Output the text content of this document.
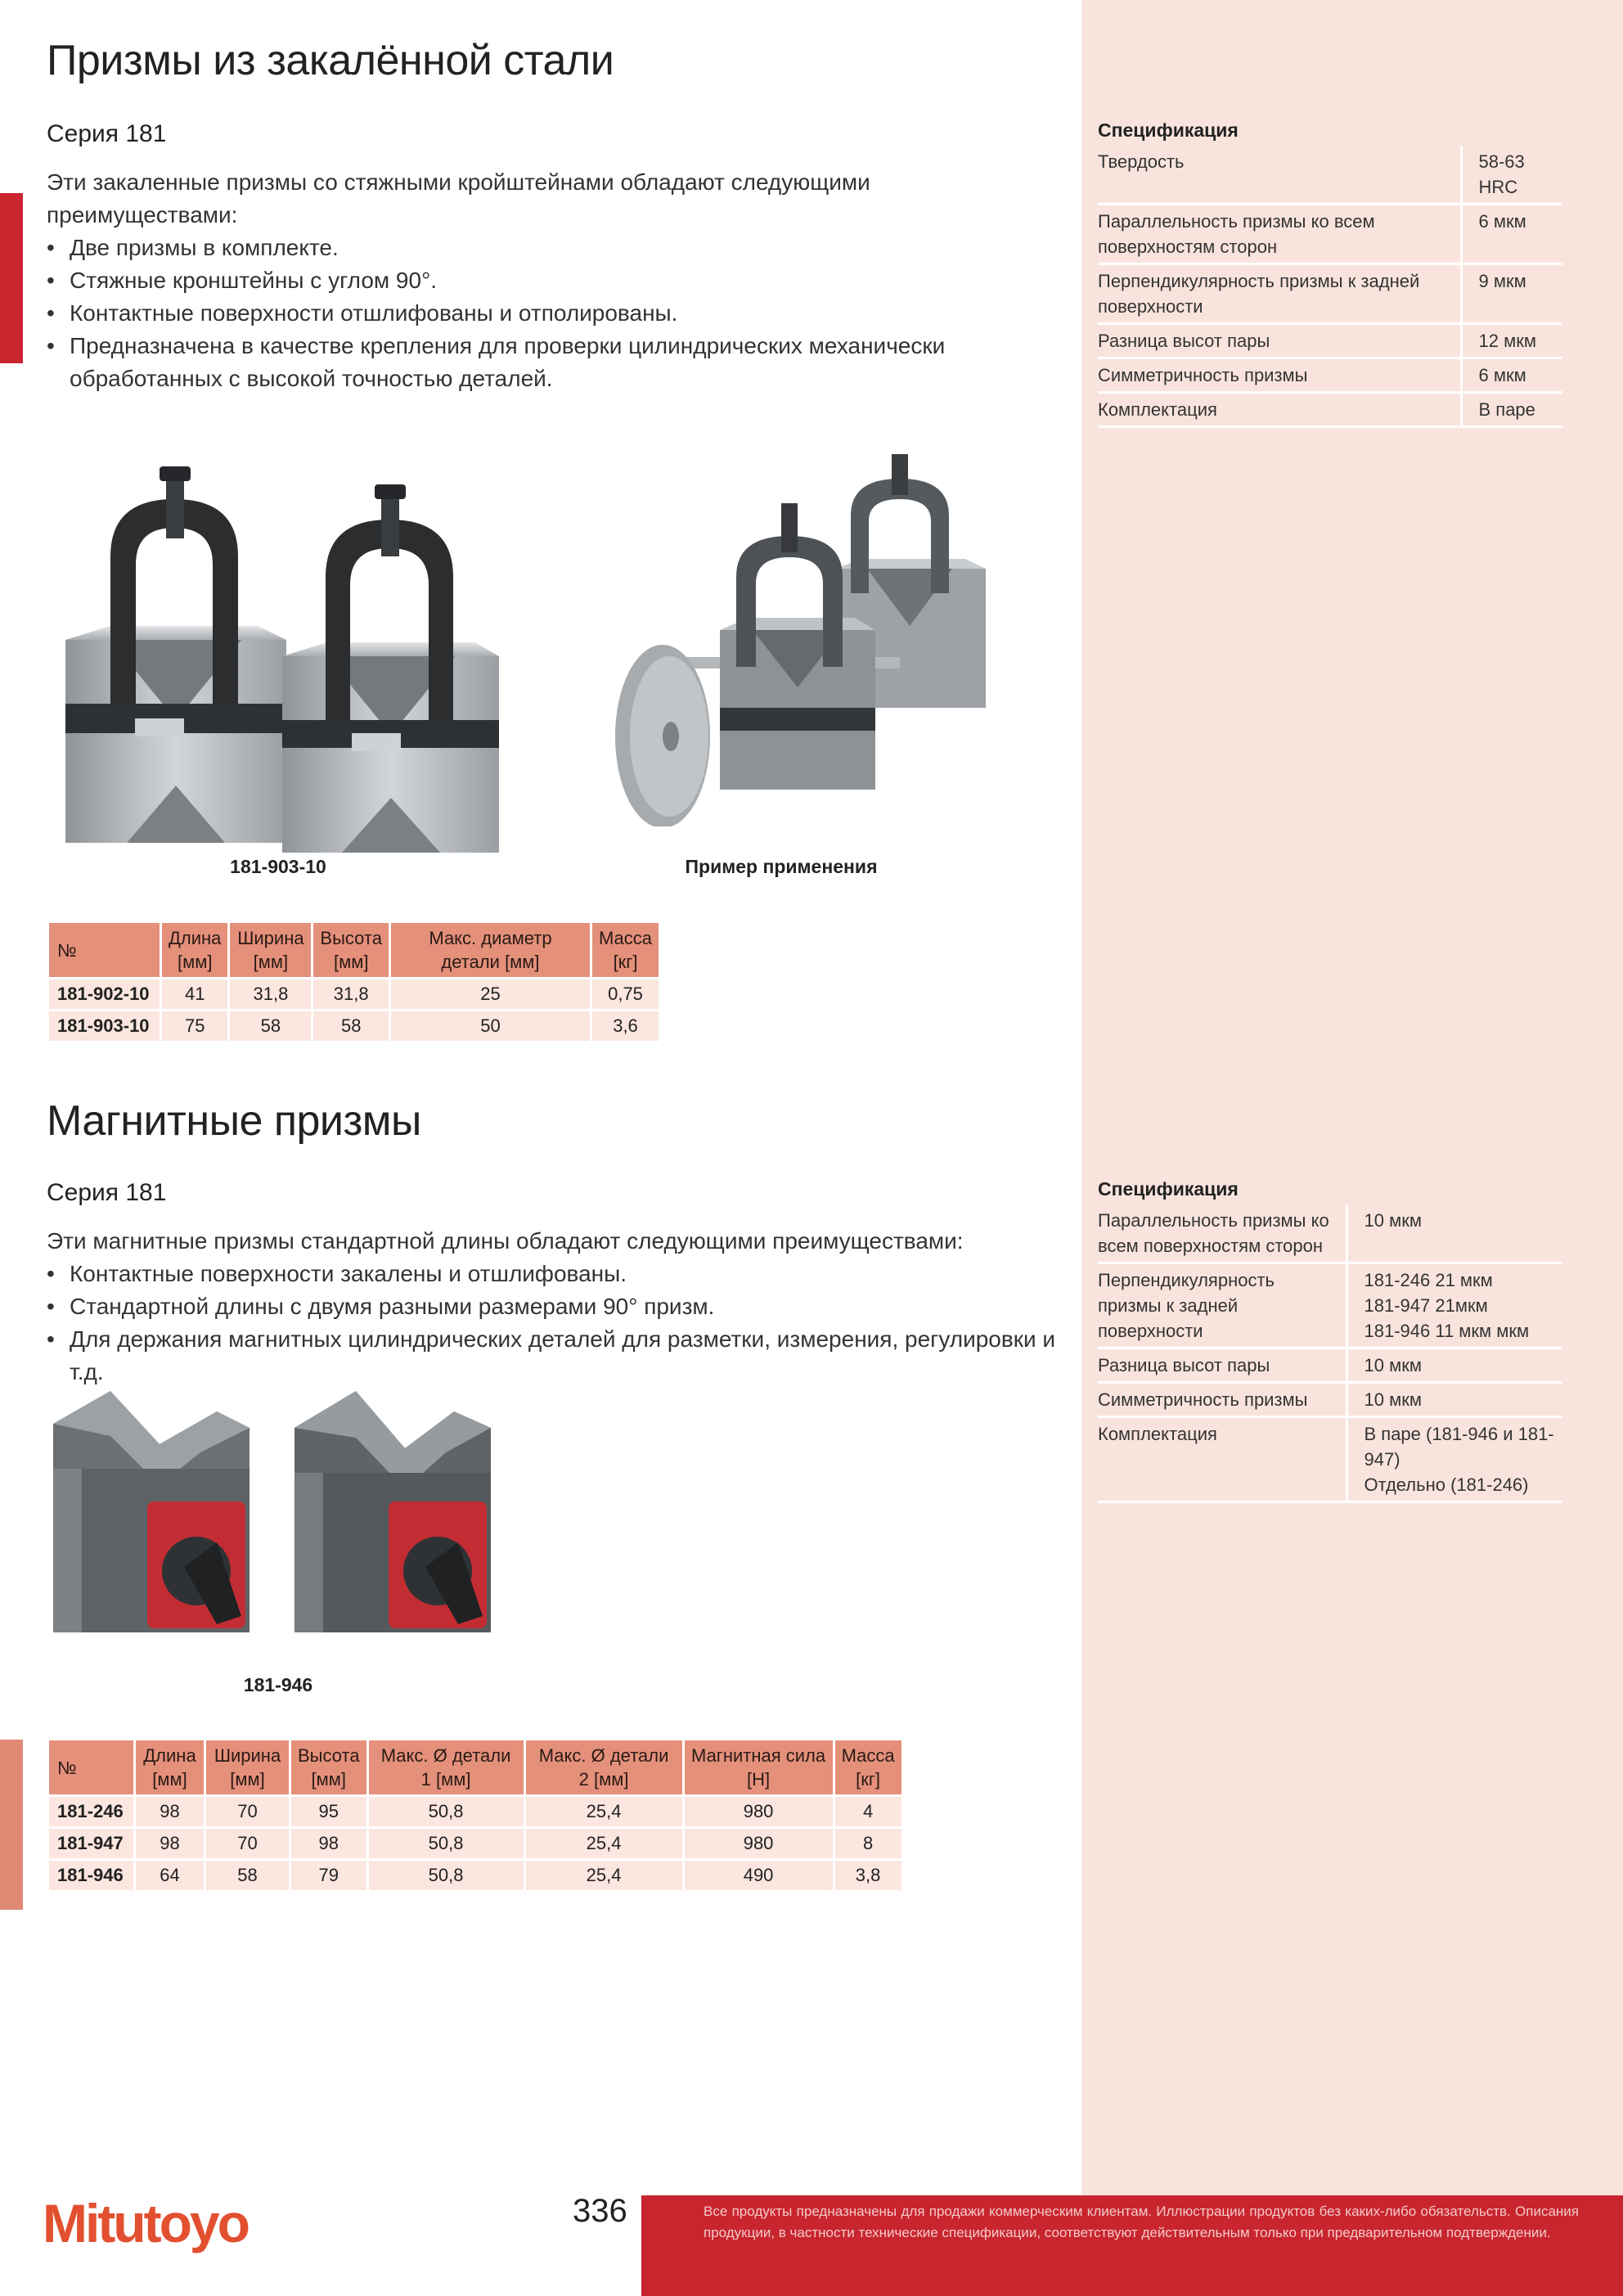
Призмы из закалённой стали
Серия 181

Эти закаленные призмы со стяжными кройштейнами обладают следующими преимуществами:

• Две призмы в комплекте.
• Стяжные кронштейны с углом 90°.
• Контактные поверхности отшлифованы и отполированы.
• Предназначена в качестве крепления для проверки цилиндрических механически обработанных с высокой точностью деталей.
Спецификация
Твердость	58-63 HRC
Параллельность призмы ко всем поверхностям сторон	6 мкм
Перпендикулярность призмы к задней поверхности	9 мкм
Разница высот пары	12 мкм
Симметричность призмы	6 мкм
Комплектация	В паре
181-903-10	Пример применения
№	Длина [мм]	Ширина [мм]	Высота [мм]	Макс. диаметр детали [мм]	Масса [кг]
181-902-10	41	31,8	31,8	25	0,75
181-903-10	75	58	58	50	3,6
Магнитные призмы
Серия 181

Эти магнитные призмы стандартной длины обладают следующими преимуществами:

• Контактные поверхности закалены и отшлифованы.
• Стандартной длины с двумя разными размерами 90° призм.
• Для держания магнитных цилиндрических деталей для разметки, измерения, регулировки и т.д.
Спецификация
Параллельность призмы ко всем поверхностям сторон	10 мкм
Перпендикулярность призмы к задней поверхности	181-246 21 мкм
181-947 21мкм
181-946 11 мкм мкм
Разница высот пары	10 мкм
Симметричность призмы	10 мкм
Комплектация	В паре (181-946 и 181-947)
Отдельно (181-246)
181-946
№	Длина [мм]	Ширина [мм]	Высота [мм]	Макс. Ø детали 1 [мм]	Макс. Ø детали 2 [мм]	Магнитная сила [Н]	Масса [кг]
181-246	98	70	95	50,8	25,4	980	4
181-947	98	70	98	50,8	25,4	980	8
181-946	64	58	79	50,8	25,4	490	3,8
Mitutoyo	336	Все продукты предназначены для продажи коммерческим клиентам. Иллюстрации продуктов без каких-либо обязательств. Описания продукции, в частности технические спецификации, соответствуют действительным только при предварительном подтверждении.
